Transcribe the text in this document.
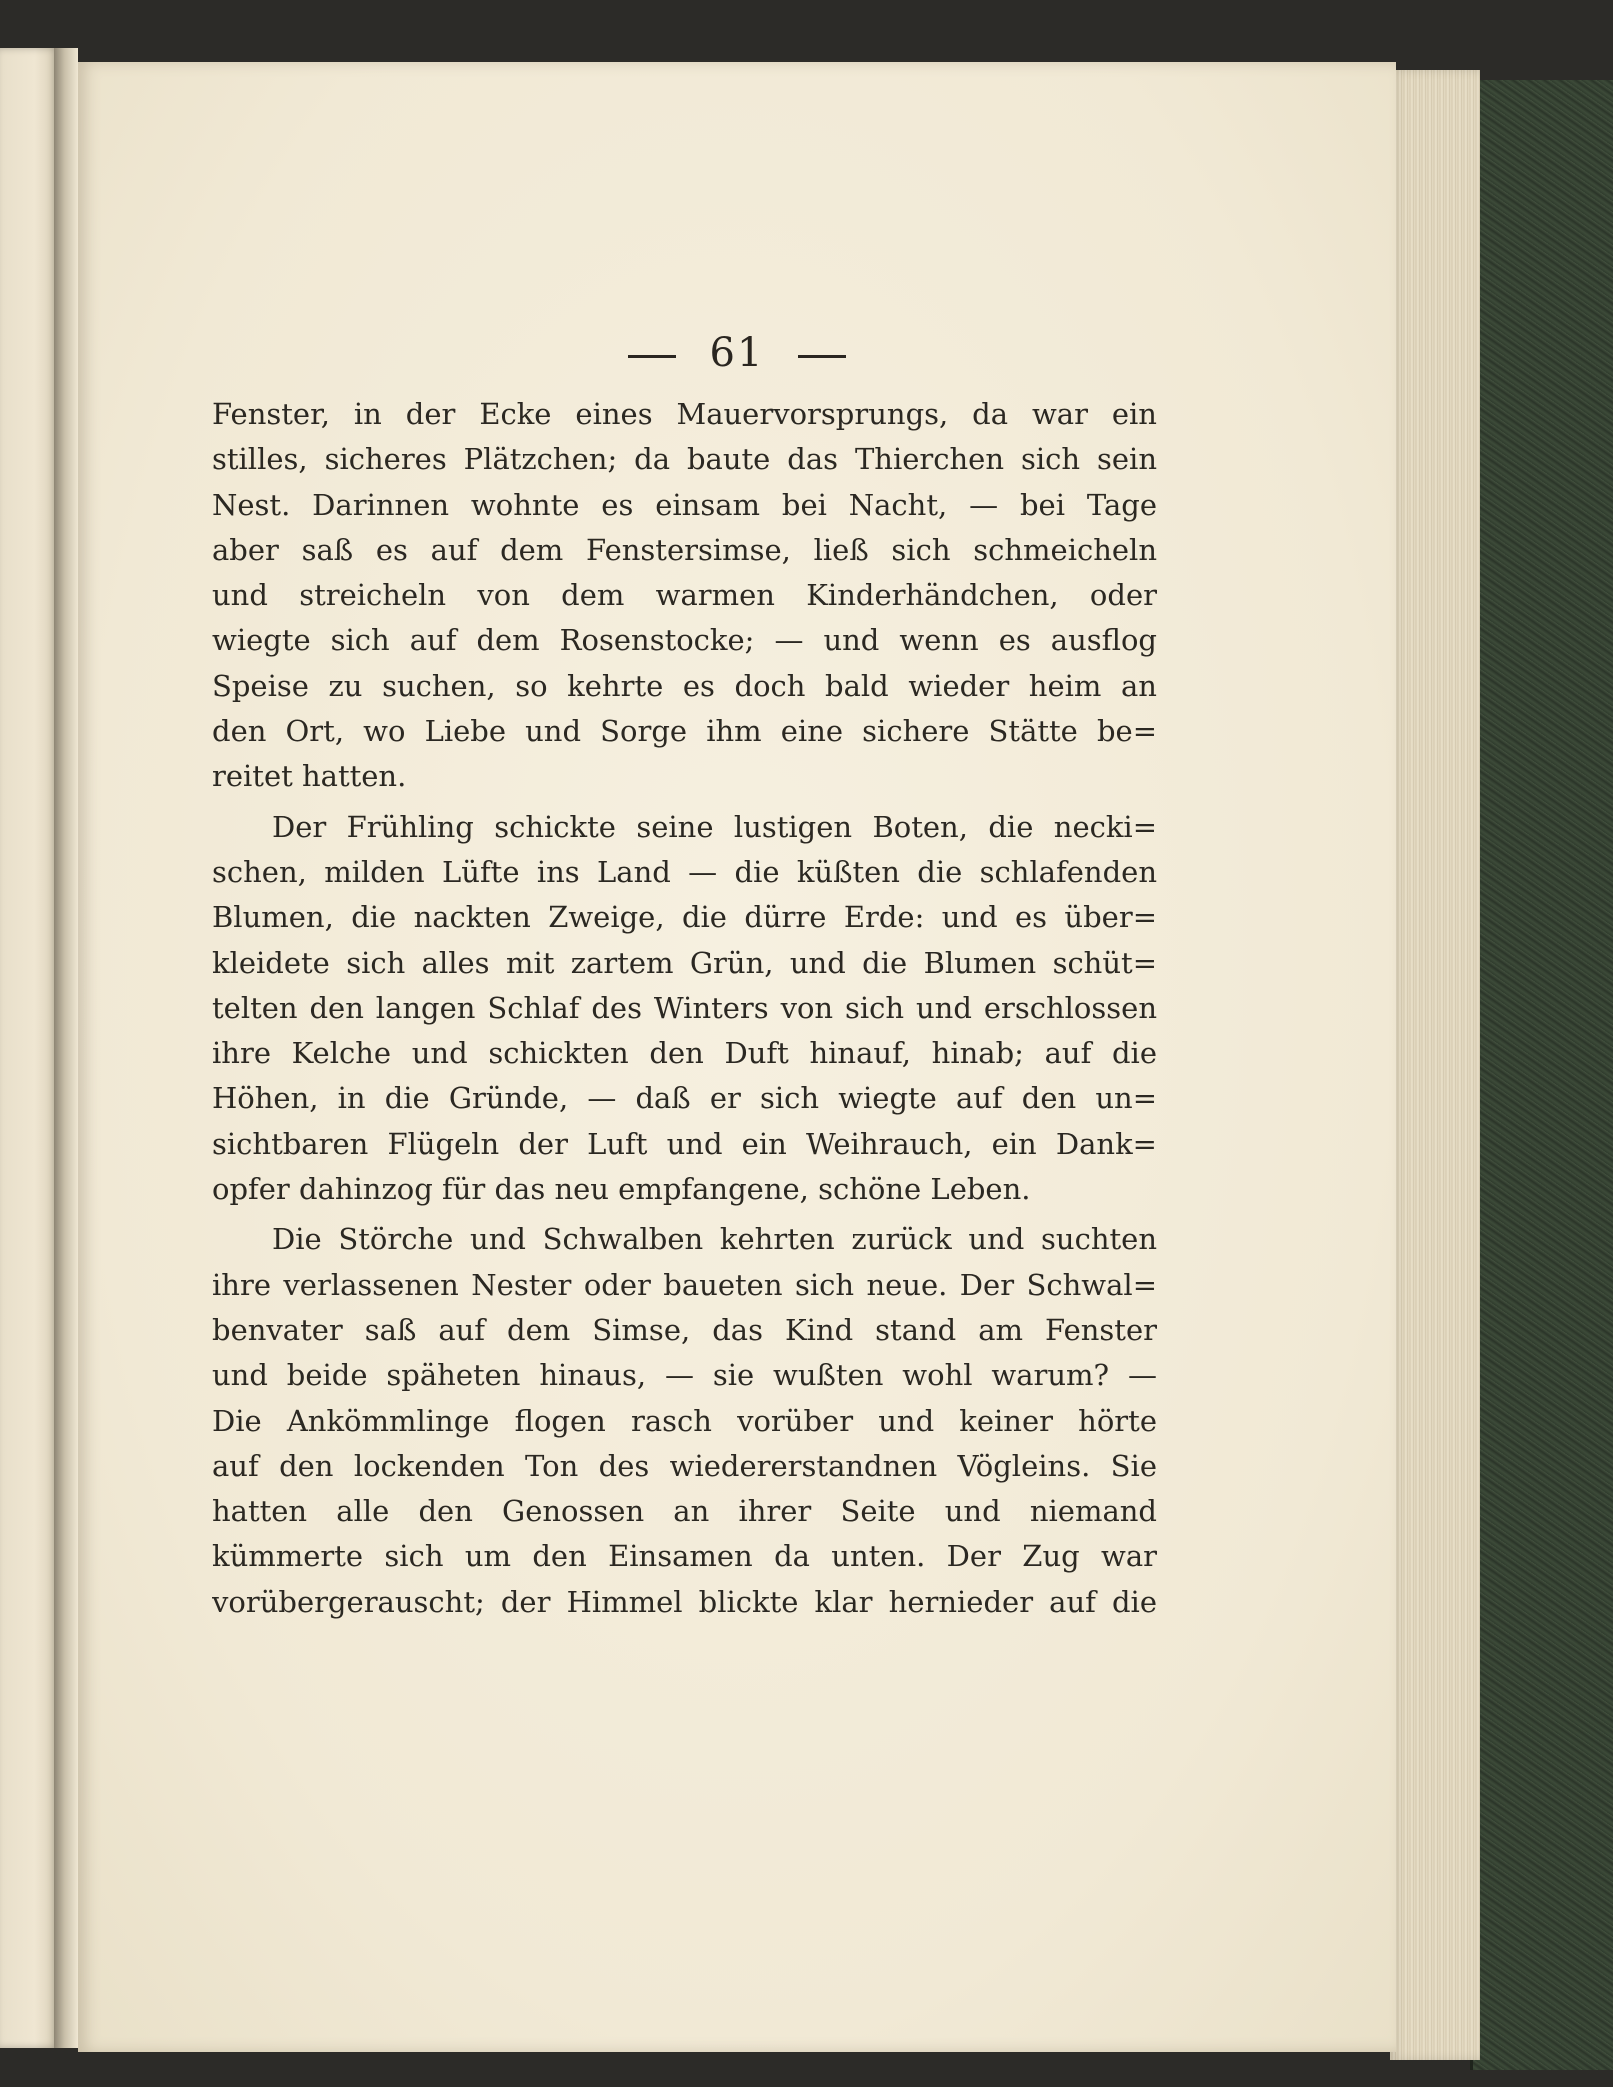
61
Fenster, in der Ecke eines Mauervorsprungs, da war ein
stilles, sicheres Plätzchen; da baute das Thierchen sich sein
Nest. Darinnen wohnte es einsam bei Nacht, — bei Tage
aber saß es auf dem Fenstersimse, ließ sich schmeicheln
und streicheln von dem warmen Kinderhändchen, oder
wiegte sich auf dem Rosenstocke; — und wenn es ausflog
Speise zu suchen, so kehrte es doch bald wieder heim an
den Ort, wo Liebe und Sorge ihm eine sichere Stätte be=
reitet hatten.
Der Frühling schickte seine lustigen Boten, die necki=
schen, milden Lüfte ins Land — die küßten die schlafenden
Blumen, die nackten Zweige, die dürre Erde: und es über=
kleidete sich alles mit zartem Grün, und die Blumen schüt=
telten den langen Schlaf des Winters von sich und erschlossen
ihre Kelche und schickten den Duft hinauf, hinab; auf die
Höhen, in die Gründe, — daß er sich wiegte auf den un=
sichtbaren Flügeln der Luft und ein Weihrauch, ein Dank=
opfer dahinzog für das neu empfangene, schöne Leben.
Die Störche und Schwalben kehrten zurück und suchten
ihre verlassenen Nester oder baueten sich neue. Der Schwal=
benvater saß auf dem Simse, das Kind stand am Fenster
und beide späheten hinaus, — sie wußten wohl warum? —
Die Ankömmlinge flogen rasch vorüber und keiner hörte
auf den lockenden Ton des wiedererstandnen Vögleins. Sie
hatten alle den Genossen an ihrer Seite und niemand
kümmerte sich um den Einsamen da unten. Der Zug war
vorübergerauscht; der Himmel blickte klar hernieder auf die
